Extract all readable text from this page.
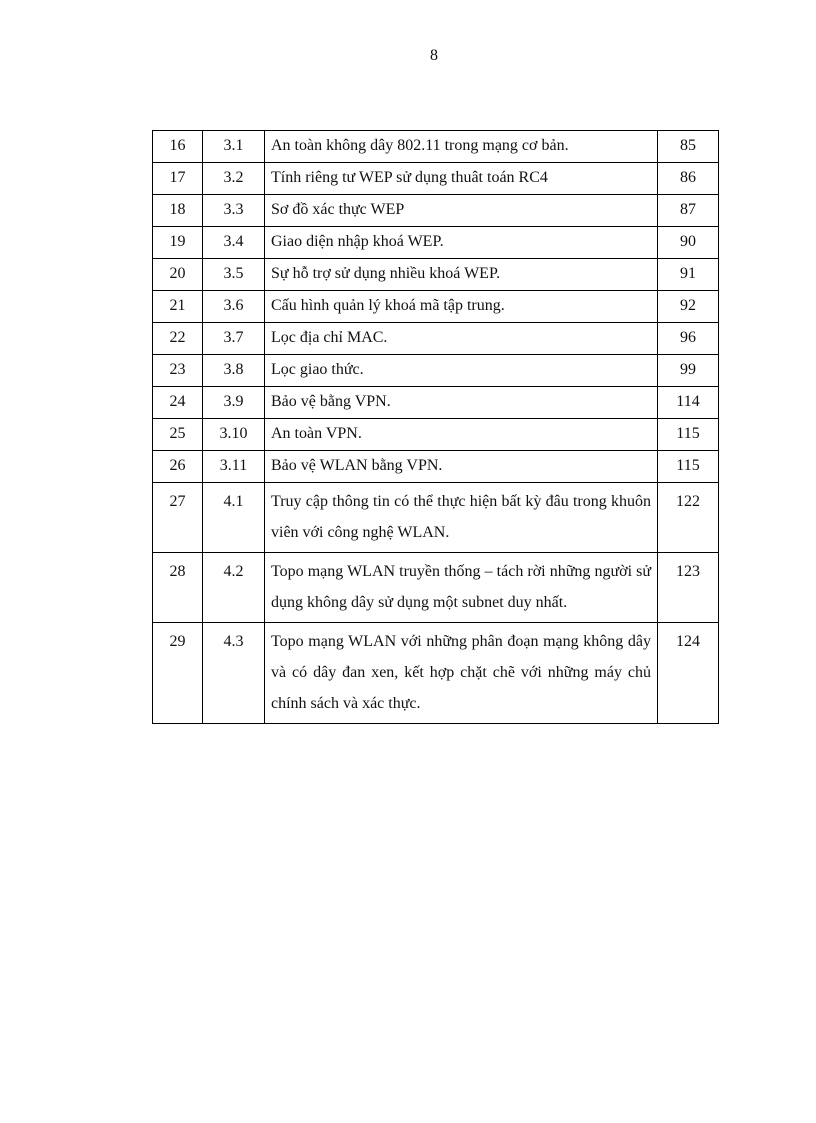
8
16	3.1	An toàn không dây 802.11 trong mạng cơ bản.	85
17	3.2	Tính riêng tư WEP sử dụng thuât toán RC4	86
18	3.3	Sơ đồ xác thực WEP	87
19	3.4	Giao diện nhập khoá WEP.	90
20	3.5	Sự hỗ trợ sử dụng nhiều khoá WEP.	91
21	3.6	Cấu hình quản lý khoá mã tập trung.	92
22	3.7	Lọc địa chỉ MAC.	96
23	3.8	Lọc giao thức.	99
24	3.9	Bảo vệ bằng VPN.	114
25	3.10	An toàn VPN.	115
26	3.11	Bảo vệ WLAN bằng VPN.	115
27	4.1	Truy cập thông tin có thể thực hiện bất kỳ đâu trong khuôn viên với công nghệ WLAN.	122
28	4.2	Topo mạng WLAN truyền thống – tách rời những người sử dụng không dây sử dụng một subnet duy nhất.	123
29	4.3	Topo mạng WLAN với những phân đoạn mạng không dây và có dây đan xen, kết hợp chặt chẽ với những máy chủ chính sách và xác thực.	124
